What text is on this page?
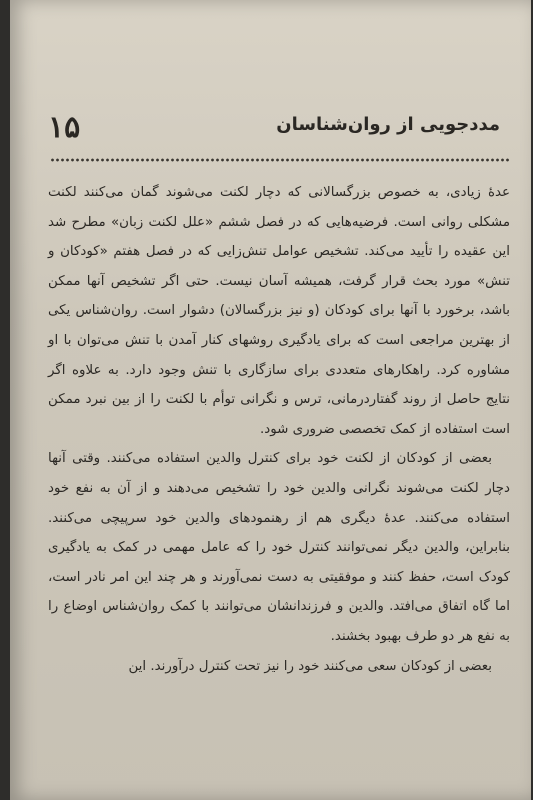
۱۵	مددجویی از روان‌شناسان

عدهٔ زیادی، به خصوص بزرگسالانی که دچار لکنت می‌شوند گمان می‌کنند لکنت مشکلی روانی است. فرضیه‌هایی که در فصل ششم «علل لکنت زبان» مطرح شد این عقیده را تأیید می‌کند. تشخیص عوامل تنش‌زایی که در فصل هفتم «کودکان و تنش» مورد بحث قرار گرفت، همیشه آسان نیست. حتی اگر تشخیص آنها ممکن باشد، برخورد با آنها برای کودکان (و نیز بزرگسالان) دشوار است. روان‌شناس یکی از بهترین مراجعی است که برای یادگیری روشهای کنار آمدن با تنش می‌توان با او مشاوره کرد. راهکارهای متعددی برای سازگاری با تنش وجود دارد. به علاوه اگر نتایج حاصل از روند گفتاردرمانی، ترس و نگرانی توأم با لکنت را از بین نبرد ممکن است استفاده از کمک تخصصی ضروری شود.

بعضی از کودکان از لکنت خود برای کنترل والدین استفاده می‌کنند. وقتی آنها دچار لکنت می‌شوند نگرانی والدین خود را تشخیص می‌دهند و از آن به نفع خود استفاده می‌کنند. عدهٔ دیگری هم از رهنمودهای والدین خود سرپیچی می‌کنند. بنابراین، والدین دیگر نمی‌توانند کنترل خود را که عامل مهمی در کمک به یادگیری کودک است، حفظ کنند و موفقیتی به دست نمی‌آورند و هر چند این امر نادر است، اما گاه اتفاق می‌افتد. والدین و فرزندانشان می‌توانند با کمک روان‌شناس اوضاع را به نفع هر دو طرف بهبود بخشند.

بعضی از کودکان سعی می‌کنند خود را نیز تحت کنترل درآورند. این
